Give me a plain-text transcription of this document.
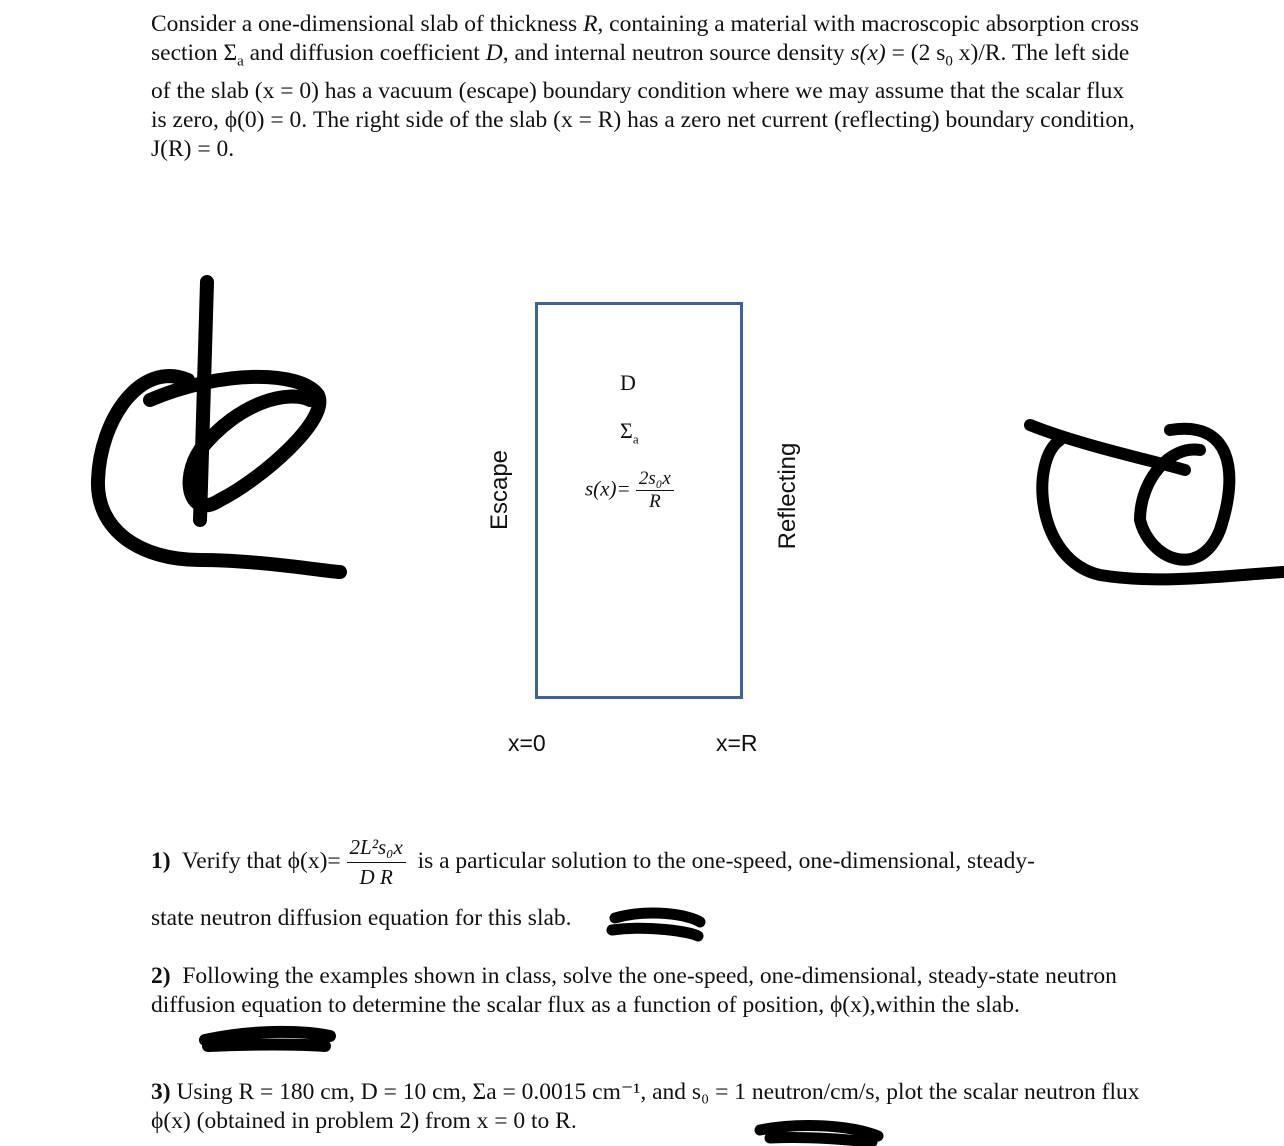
Consider a one-dimensional slab of thickness R, containing a material with macroscopic absorption cross section $\Sigma_a$ and diffusion coefficient D, and internal neutron source density s(x) = (2 $s_0$ x)/R. The left side of the slab (x = 0) has a vacuum (escape) boundary condition where we may assume that the scalar flux is zero, ϕ(0) = 0. The right side of the slab (x = R) has a zero net current (reflecting) boundary condition, J(R) = 0.

D
$\Sigma_a$
$s(x)= \frac{\text{2s₀x}}{R}$
Escape	Reflecting
x=0	x=R
1) Verify that $\phi(x)= \frac{\text{2L²s₀x}}{\text{D R}}$ is a particular solution to the one-speed, one-dimensional, steady-
state neutron diffusion equation for this slab.
2) Following the examples shown in class, solve the one-speed, one-dimensional, steady-state neutron diffusion equation to determine the scalar flux as a function of position, ϕ(x),within the slab.
3) Using R = 180 cm, D = 10 cm, Σa = 0.0015 cm⁻¹, and s₀ = 1 neutron/cm/s, plot the scalar neutron flux ϕ(x) (obtained in problem 2) from x = 0 to R.
